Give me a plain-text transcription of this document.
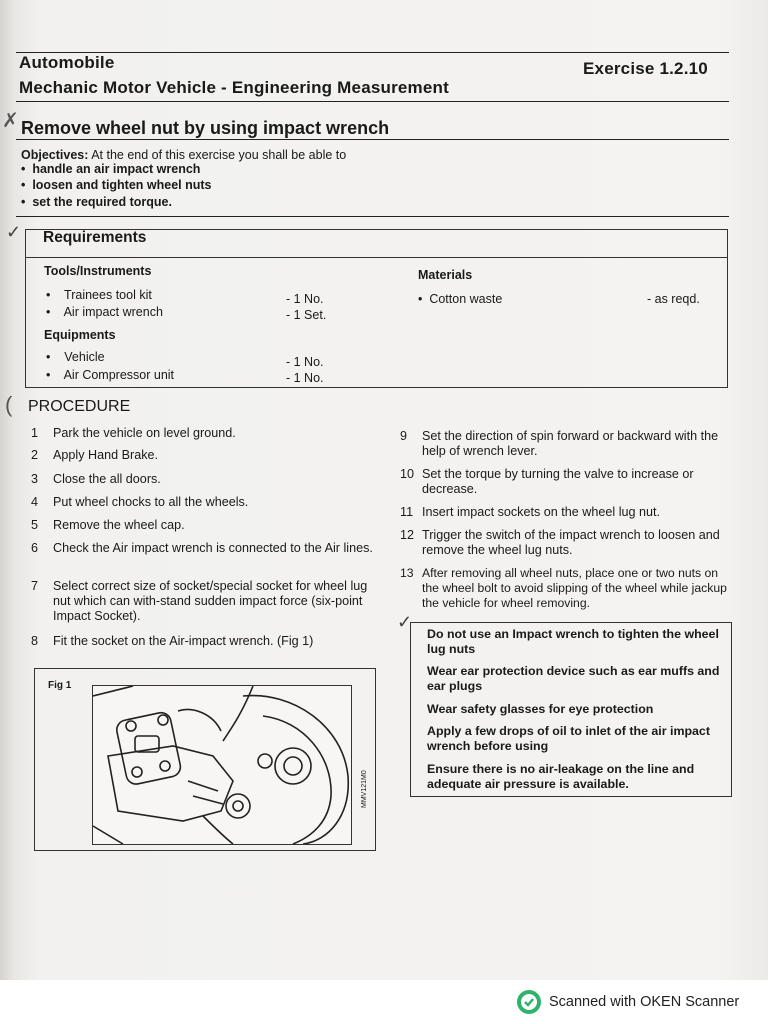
Automobile
Mechanic Motor Vehicle - Engineering Measurement
Exercise 1.2.10
✗ Remove wheel nut by using impact wrench
Objectives: At the end of this exercise you shall be able to
•  handle an air impact wrench
•  loosen and tighten wheel nuts
•  set the required torque.
✓ Requirements
Tools/Instruments
•    Trainees tool kit	- 1 No.
•    Air impact wrench	- 1 Set.
Equipments
•    Vehicle	- 1 No.
•    Air Compressor unit	- 1 No.
Materials
•  Cotton waste	- as reqd.
( PROCEDURE
1 Park the vehicle on level ground.
2 Apply Hand Brake.
3 Close the all doors.
4 Put wheel chocks to all the wheels.
5 Remove the wheel cap.
6 Check the Air impact wrench is connected to the Air lines.
7 Select correct size of socket/special socket for wheel lug nut which can with-stand sudden impact force (six-point Impact Socket).
8 Fit the socket on the Air-impact wrench. (Fig 1)
9 Set the direction of spin forward or backward with the help of wrench lever.
10 Set the torque by turning the valve to increase or decrease.
11 Insert impact sockets on the wheel lug nut.
12 Trigger the switch of the impact wrench to loosen and remove the wheel lug nuts.
13 After removing all wheel nuts, place one or two nuts on the wheel bolt to avoid slipping of the wheel while jackup the vehicle for wheel removing.
✓
Do not use an Impact wrench to tighten the wheel lug nuts
Wear ear protection device such as ear muffs and ear plugs
Wear safety glasses for eye protection
Apply a few drops of oil to inlet of the air impact wrench before using
Ensure there is no air-leakage on the line and adequate air pressure is available.
Fig 1
MMV121M0
Scanned with OKEN Scanner
